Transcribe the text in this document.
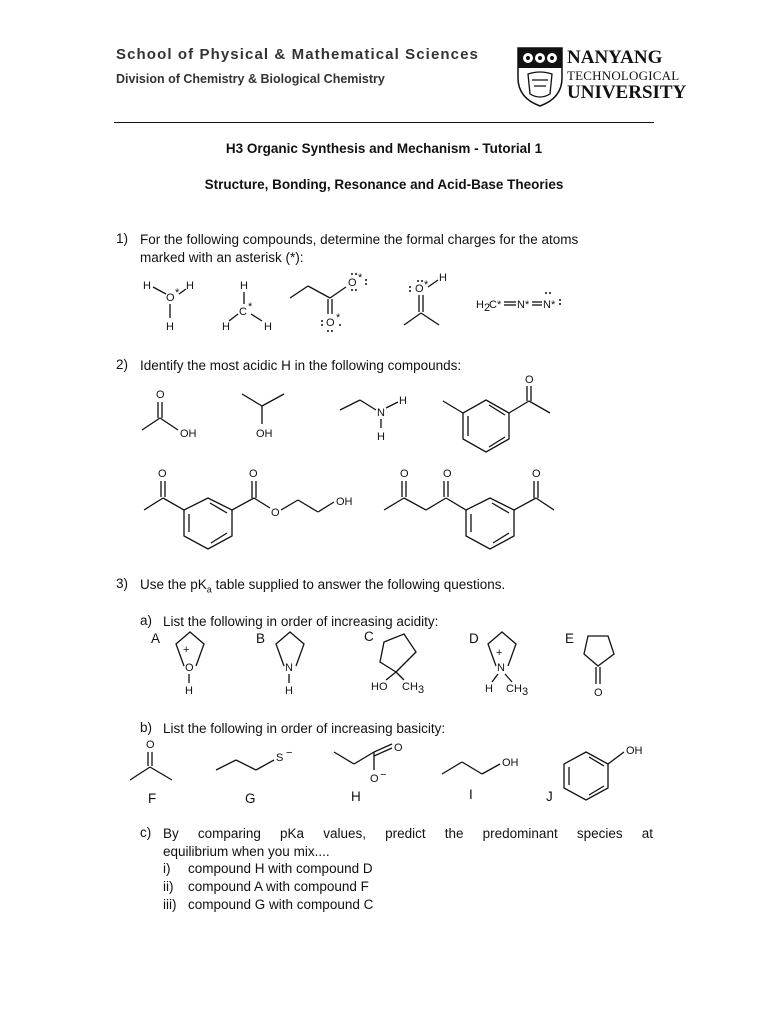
School of Physical & Mathematical Sciences
Division of Chemistry & Biological Chemistry
NANYANG
TECHNOLOGICAL
UNIVERSITY
H3 Organic Synthesis and Mechanism - Tutorial 1
Structure, Bonding, Resonance and Acid-Base Theories
1) For the following compounds, determine the formal charges for the atoms
marked with an asterisk (*):
H
O *
H
H
H
C *
H	H
O *
O *
O *
H
H 2
C* N* N*
2) Identify the most acidic H in the following compounds:
O
OH	OH
N
H
H
O
O	O
O
OH
O	O	O
3) Use the $pK_a$ table supplied to answer the following questions.
a) List the following in order of increasing acidity:
A	B	C	D	E
+
O
H
N
H	HO CH 3
+
N
H CH 3	O
b) List the following in order of increasing basicity:
O
S −	O
O −
OH
OH
F	G	H	I	J
c) By comparing pKa values, predict the predominant species at
equilibrium when you mix....
i) compound H with compound D
ii) compound A with compound F
iii) compound G with compound C
